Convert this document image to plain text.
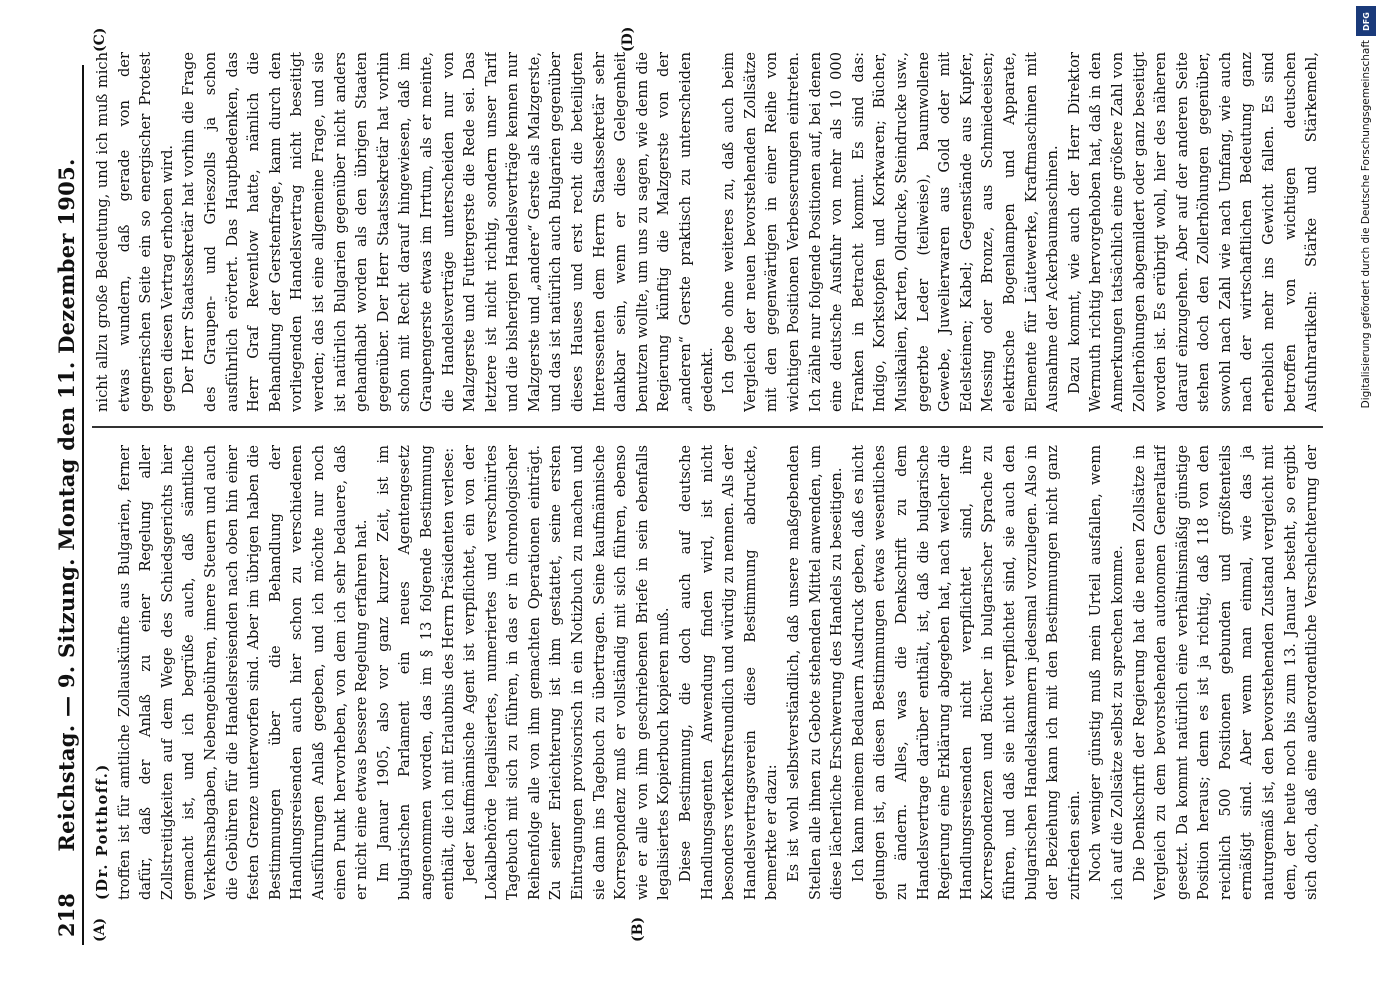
218
Reichstag. — 9. Sitzung. Montag den 11. Dezember 1905.
(A)	(B)
(C)	(D)

(Dr. Potthoff.) troffen ist für amtliche Zollauskünfte aus Bulgarien, ferner dafür, daß der Anlaß zu einer Regelung aller Zollstreitigkeiten auf dem Wege des Schiedsgerichts hier gemacht ist, und ich begrüße auch, daß sämtliche Verkehrsabgaben, Nebengebühren, innere Steuern und auch die Gebühren für die Handelsreisenden nach oben hin einer festen Grenze unterworfen sind. Aber im übrigen haben die Bestimmungen über die Behandlung der Handlungsreisenden auch hier schon zu verschiedenen Ausführungen Anlaß gegeben, und ich möchte nur noch einen Punkt hervorheben, von dem ich sehr bedauere, daß er nicht eine etwas bessere Regelung erfahren hat. Im Januar 1905, also vor ganz kurzer Zeit, ist im bulgarischen Parlament ein neues Agentengesetz angenommen worden, das im § 13 folgende Bestimmung enthält, die ich mit Erlaubnis des Herrn Präsidenten verlese: Jeder kaufmännische Agent ist verpflichtet, ein von der Lokalbehörde legalisiertes, numeriertes und verschnürtes Tagebuch mit sich zu führen, in das er in chronologischer Reihenfolge alle von ihm gemachten Operationen einträgt. Zu seiner Erleichterung ist ihm gestattet, seine ersten Eintragungen provisorisch in ein Notizbuch zu machen und sie dann ins Tagebuch zu übertragen. Seine kaufmännische Korrespondenz muß er vollständig mit sich führen, ebenso wie er alle von ihm geschriebenen Briefe in sein ebenfalls legalisiertes Kopierbuch kopieren muß. Diese Bestimmung, die doch auch auf deutsche Handlungsagenten Anwendung finden wird, ist nicht besonders verkehrsfreundlich und würdig zu nennen. Als der Handelsvertragsverein diese Bestimmung abdruckte, bemerkte er dazu: Es ist wohl selbstverständlich, daß unsere maßgebenden Stellen alle ihnen zu Gebote stehenden Mittel anwenden, um diese lächerliche Erschwerung des Handels zu beseitigen. Ich kann meinem Bedauern Ausdruck geben, daß es nicht gelungen ist, an diesen Bestimmungen etwas wesentliches zu ändern. Alles, was die Denkschrift zu dem Handelsvertrage darüber enthält, ist, daß die bulgarische Regierung eine Erklärung abgegeben hat, nach welcher die Handlungsreisenden nicht verpflichtet sind, ihre Korrespondenzen und Bücher in bulgarischer Sprache zu führen, und daß sie nicht verpflichtet sind, sie auch den bulgarischen Handelskammern jedesmal vorzulegen. Also in der Beziehung kann ich mit den Bestimmungen nicht ganz zufrieden sein. Noch weniger günstig muß mein Urteil ausfallen, wenn ich auf die Zollsätze selbst zu sprechen komme. Die Denkschrift der Regierung hat die neuen Zollsätze in Vergleich zu dem bevorstehenden autonomen Generaltarif gesetzt. Da kommt natürlich eine verhältnismäßig günstige Position heraus; denn es ist ja richtig, daß 118 von den reichlich 500 Positionen gebunden und größtenteils ermäßigt sind. Aber wenn man einmal, wie das ja naturgemäß ist, den bevorstehenden Zustand vergleicht mit dem, der heute noch bis zum 13. Januar besteht, so ergibt sich doch, daß eine außerordentliche Verschlechterung der

nicht allzu große Bedeutung, und ich muß mich etwas wundern, daß gerade von der gegnerischen Seite ein so energischer Protest gegen diesen Vertrag erhoben wird. Der Herr Staatssekretär hat vorhin die Frage des Graupen- und Grieszolls ja schon ausführlich erörtert. Das Hauptbedenken, das Herr Graf Reventlow hatte, nämlich die Behandlung der Gerstenfrage, kann durch den vorliegenden Handelsvertrag nicht beseitigt werden; das ist eine allgemeine Frage, und sie ist natürlich Bulgarien gegenüber nicht anders gehandhabt worden als den übrigen Staaten gegenüber. Der Herr Staatssekretär hat vorhin schon mit Recht darauf hingewiesen, daß im Graupengerste etwas im Irrtum, als er meinte, die Handelsverträge unterscheiden nur von Malzgerste und Futtergerste die Rede sei. Das letztere ist nicht richtig, sondern unser Tarif und die bisherigen Handelsverträge kennen nur Malzgerste und „andere“ Gerste als Malzgerste, und das ist natürlich auch Bulgarien gegenüber dieses Hauses und erst recht die beteiligten Interessenten dem Herrn Staatssekretär sehr dankbar sein, wenn er diese Gelegenheit benutzen wollte, um uns zu sagen, wie denn die Regierung künftig die Malzgerste von der „anderen“ Gerste praktisch zu unterscheiden gedenkt. Ich gebe ohne weiteres zu, daß auch beim Vergleich der neuen bevorstehenden Zollsätze mit den gegenwärtigen in einer Reihe von wichtigen Positionen Verbesserungen eintreten. Ich zähle nur folgende Positionen auf, bei denen eine deutsche Ausfuhr von mehr als 10 000 Franken in Betracht kommt. Es sind das: Indigo, Korkstopfen und Korkwaren; Bücher, Musikalien, Karten, Oldrucke, Steindrucke usw., gegerbte Leder (teilweise), baumwollene Gewebe, Juwelierwaren aus Gold oder mit Edelsteinen; Kabel; Gegenstände aus Kupfer, Messing oder Bronze, aus Schmiedeeisen; elektrische Bogenlampen und Apparate, Elemente für Läutewerke, Kraftmaschinen mit Ausnahme der Ackerbaumaschinen. Dazu kommt, wie auch der Herr Direktor Wermuth richtig hervorgehoben hat, daß in den Anmerkungen tatsächlich eine größere Zahl von Zollerhöhungen abgemildert oder ganz beseitigt worden ist. Es erübrigt wohl, hier des näheren darauf einzugehen. Aber auf der anderen Seite stehen doch den Zollerhöhungen gegenüber, sowohl nach Zahl wie nach Umfang, wie auch nach der wirtschaftlichen Bedeutung ganz erheblich mehr ins Gewicht fallen. Es sind betroffen von wichtigen deutschen Ausfuhrartikeln: Stärke und Stärkemehl,	Digitalisierung gefördert durch die Deutsche Forschungsgemeinschaft
DFG
